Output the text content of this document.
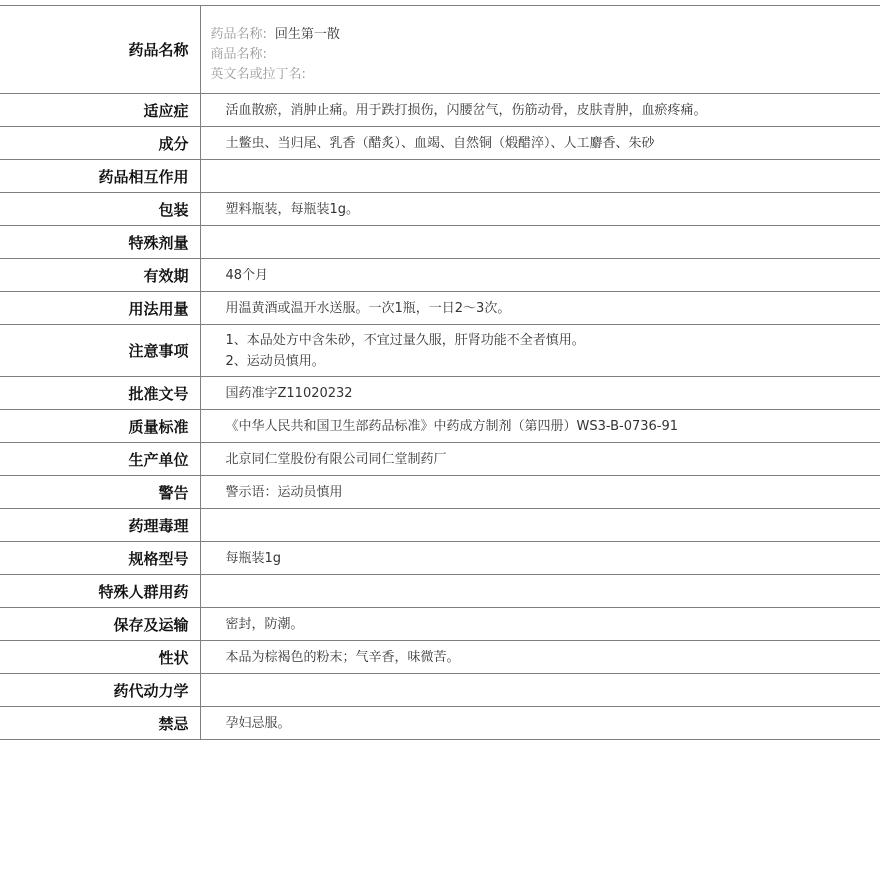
药品名称	药品名称: 回生第一散
商品名称:
英文名或拉丁名:

适应症	活血散瘀，消肿止痛。用于跌打损伤，闪腰岔气，伤筋动骨，皮肤青肿，血瘀疼痛。

成分	土鳖虫、当归尾、乳香（醋炙）、血竭、自然铜（煅醋淬）、人工麝香、朱砂

药品相互作用	

包装	塑料瓶装，每瓶装1g。

特殊剂量	

有效期	48个月

用法用量	用温黄酒或温开水送服。一次1瓶，一日2～3次。

注意事项	1、本品处方中含朱砂，不宜过量久服，肝肾功能不全者慎用。
2、运动员慎用。

批准文号	国药准字Z11020232

质量标准	《中华人民共和国卫生部药品标准》中药成方制剂（第四册）WS3-B-0736-91

生产单位	北京同仁堂股份有限公司同仁堂制药厂

警告	警示语：运动员慎用

药理毒理	

规格型号	每瓶装1g

特殊人群用药	

保存及运输	密封，防潮。

性状	本品为棕褐色的粉末；气辛香，味微苦。

药代动力学	

禁忌	孕妇忌服。
